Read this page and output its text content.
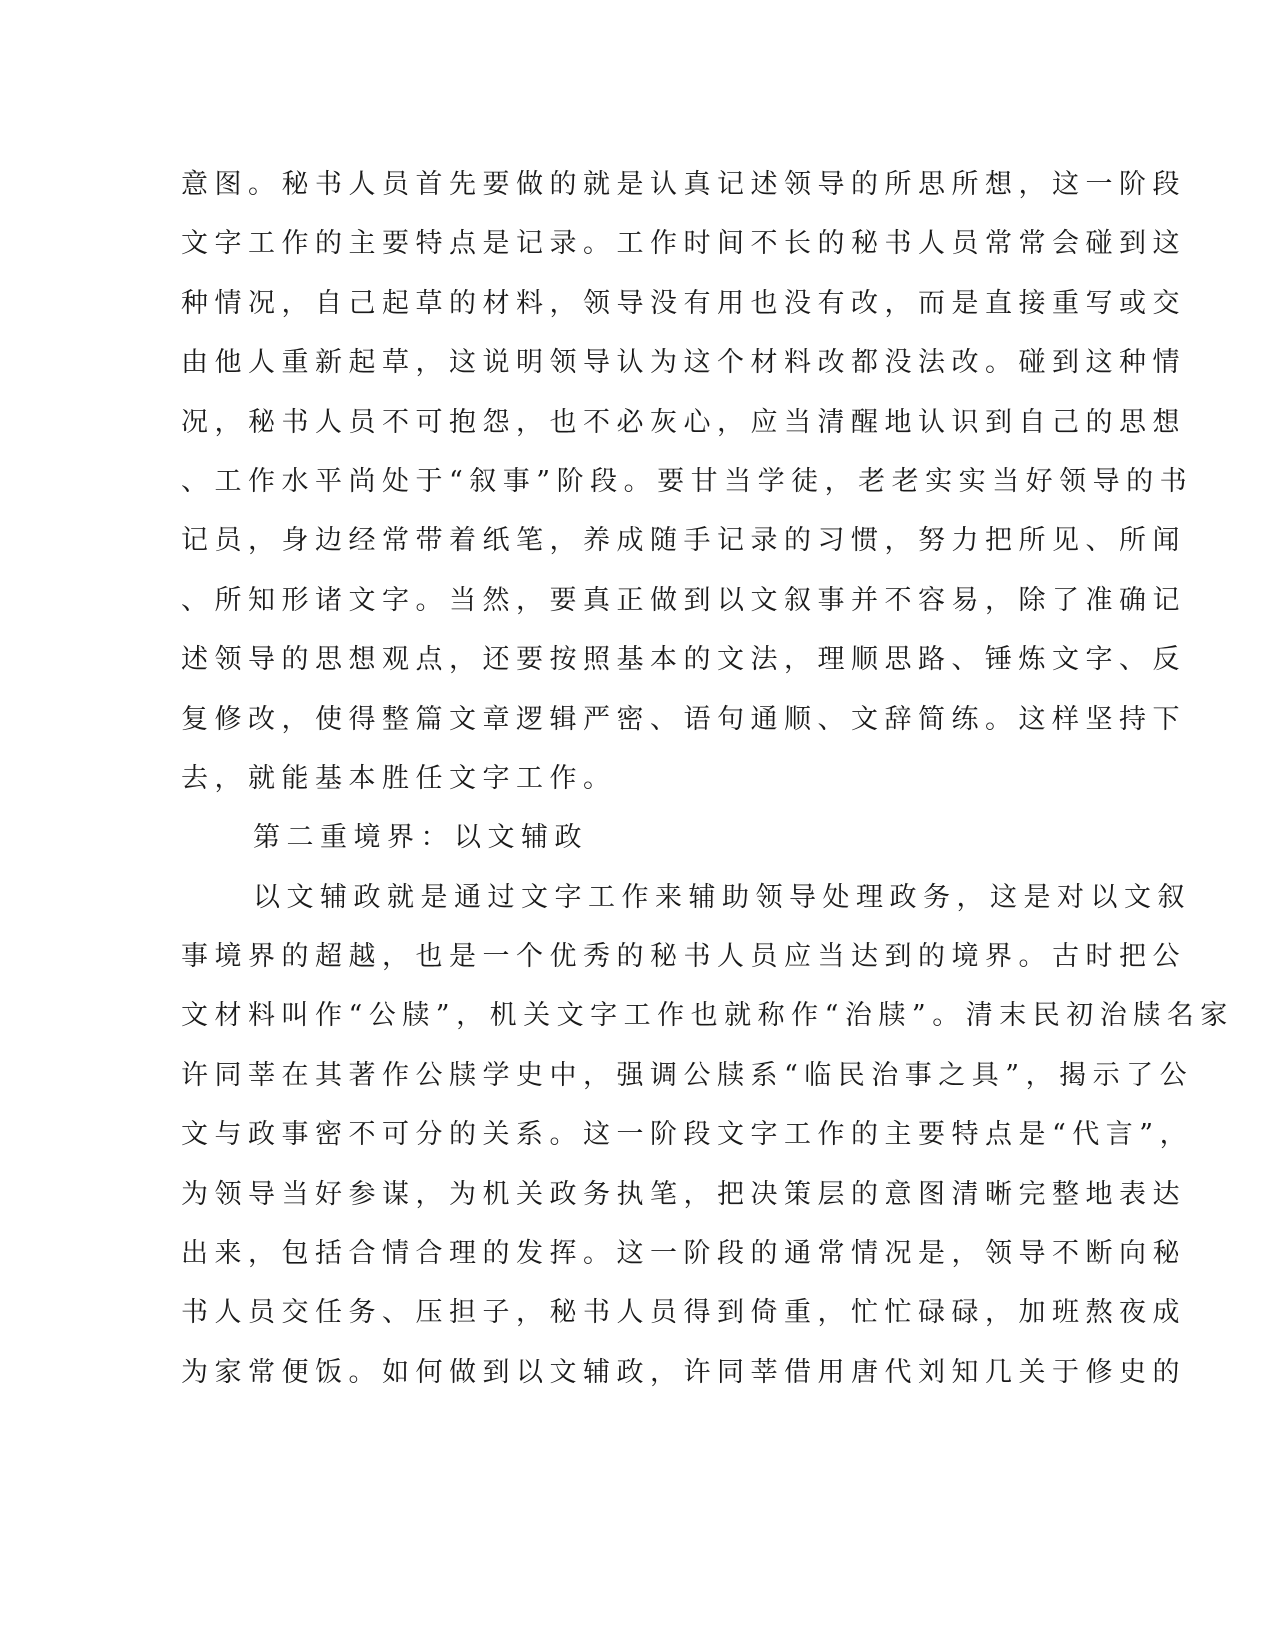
意图。秘书人员首先要做的就是认真记述领导的所思所想，这一阶段
文字工作的主要特点是记录。工作时间不长的秘书人员常常会碰到这
种情况，自己起草的材料，领导没有用也没有改，而是直接重写或交
由他人重新起草，这说明领导认为这个材料改都没法改。碰到这种情
况，秘书人员不可抱怨，也不必灰心，应当清醒地认识到自己的思想
、工作水平尚处于“叙事”阶段。要甘当学徒，老老实实当好领导的书
记员，身边经常带着纸笔，养成随手记录的习惯，努力把所见、所闻
、所知形诸文字。当然，要真正做到以文叙事并不容易，除了准确记
述领导的思想观点，还要按照基本的文法，理顺思路、锤炼文字、反
复修改，使得整篇文章逻辑严密、语句通顺、文辞简练。这样坚持下
去，就能基本胜任文字工作。
第二重境界：以文辅政
以文辅政就是通过文字工作来辅助领导处理政务，这是对以文叙
事境界的超越，也是一个优秀的秘书人员应当达到的境界。古时把公
文材料叫作“公牍”，机关文字工作也就称作“治牍”。清末民初治牍名家
许同莘在其著作公牍学史中，强调公牍系“临民治事之具”，揭示了公
文与政事密不可分的关系。这一阶段文字工作的主要特点是“代言”，
为领导当好参谋，为机关政务执笔，把决策层的意图清晰完整地表达
出来，包括合情合理的发挥。这一阶段的通常情况是，领导不断向秘
书人员交任务、压担子，秘书人员得到倚重，忙忙碌碌，加班熬夜成
为家常便饭。如何做到以文辅政，许同莘借用唐代刘知几关于修史的
